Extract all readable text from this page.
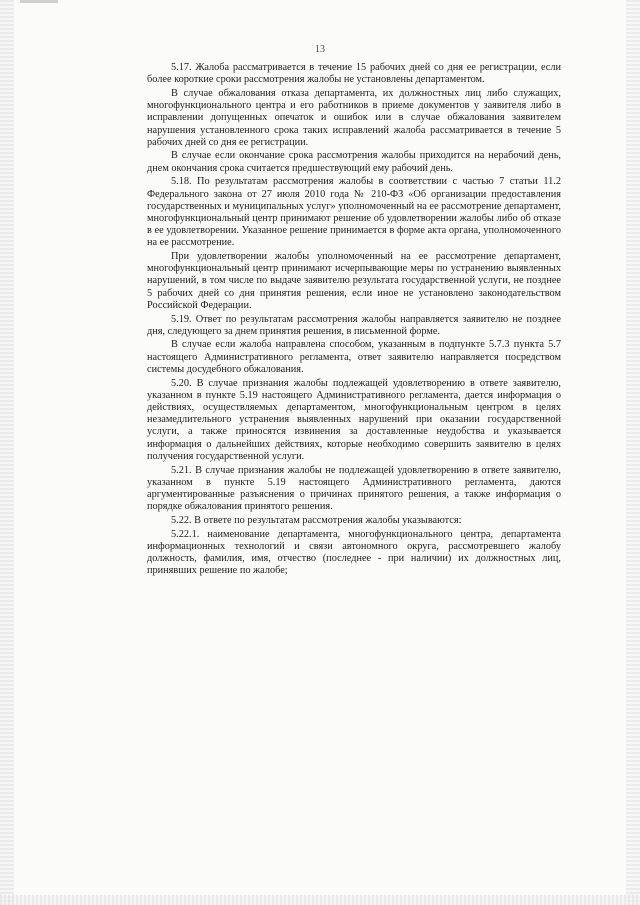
13

5.17. Жалоба рассматривается в течение 15 рабочих дней со дня ее регистрации, если более короткие сроки рассмотрения жалобы не установлены департаментом.

В случае обжалования отказа департамента, их должностных лиц либо служащих, многофункционального центра и его работников в приеме документов у заявителя либо в исправлении допущенных опечаток и ошибок или в случае обжалования заявителем нарушения установленного срока таких исправлений жалоба рассматривается в течение 5 рабочих дней со дня ее регистрации.

В случае если окончание срока рассмотрения жалобы приходится на нерабочий день, днем окончания срока считается предшествующий ему рабочий день.

5.18. По результатам рассмотрения жалобы в соответствии с частью 7 статьи 11.2 Федерального закона от 27 июля 2010 года № 210-ФЗ «Об организации предоставления государственных и муниципальных услуг» уполномоченный на ее рассмотрение департамент, многофункциональный центр принимают решение об удовлетворении жалобы либо об отказе в ее удовлетворении. Указанное решение принимается в форме акта органа, уполномоченного на ее рассмотрение.

При удовлетворении жалобы уполномоченный на ее рассмотрение департамент, многофункциональный центр принимают исчерпывающие меры по устранению выявленных нарушений, в том числе по выдаче заявителю результата государственной услуги, не позднее 5 рабочих дней со дня принятия решения, если иное не установлено законодательством Российской Федерации.

5.19. Ответ по результатам рассмотрения жалобы направляется заявителю не позднее дня, следующего за днем принятия решения, в письменной форме.

В случае если жалоба направлена способом, указанным в подпункте 5.7.3 пункта 5.7 настоящего Административного регламента, ответ заявителю направляется посредством системы досудебного обжалования.

5.20. В случае признания жалобы подлежащей удовлетворению в ответе заявителю, указанном в пункте 5.19 настоящего Административного регламента, дается информация о действиях, осуществляемых департаментом, многофункциональным центром в целях незамедлительного устранения выявленных нарушений при оказании государственной услуги, а также приносятся извинения за доставленные неудобства и указывается информация о дальнейших действиях, которые необходимо совершить заявителю в целях получения государственной услуги.

5.21. В случае признания жалобы не подлежащей удовлетворению в ответе заявителю, указанном в пункте 5.19 настоящего Административного регламента, даются аргументированные разъяснения о причинах принятого решения, а также информация о порядке обжалования принятого решения.

5.22. В ответе по результатам рассмотрения жалобы указываются:

5.22.1. наименование департамента, многофункционального центра, департамента информационных технологий и связи автономного округа, рассмотревшего жалобу должность, фамилия, имя, отчество (последнее - при наличии) их должностных лиц, принявших решение по жалобе;
